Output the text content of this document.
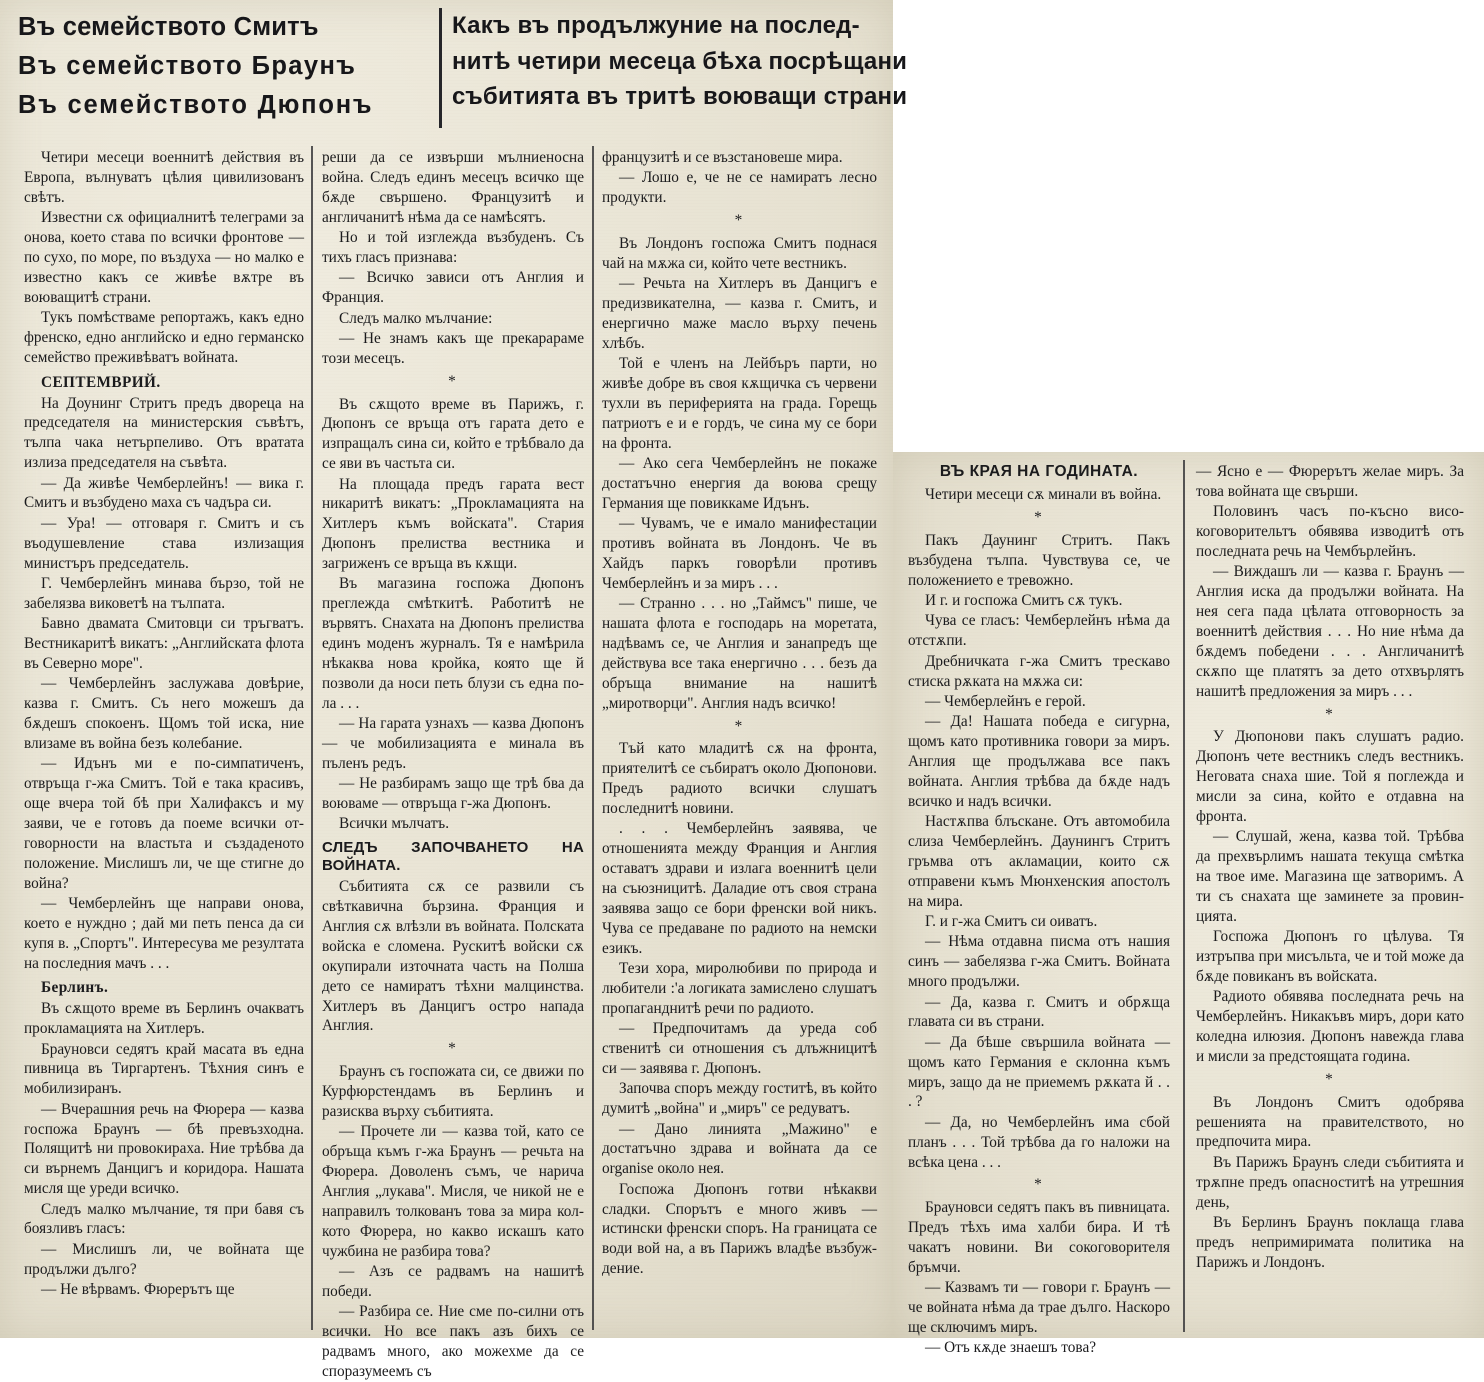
Въ семейството Смитъ
Въ семейството Браунъ
Въ семейството Дюпонъ
Какъ въ продължуние на послед-
нитѣ четири месеца бѣха посрѣщани
събитията въ тритѣ воюващи страни

Четири месеци военнитѣ действия въ Европа, вълнуватъ цѣлия цивилизованъ свѣтъ.

Известни сѫ официалнитѣ телеграми за онова, което става по всички фронтове — по сухо, по море, по въздуха — но малко е известно какъ се живѣе вѫтре въ воюващитѣ страни.

Тукъ помѣстваме репортажъ, какъ едно френско, едно английско и едно германско семейство преживѣватъ войната.

СЕПТЕМВРИЙ.

На Доунинг Стритъ предъ двореца на председателя на министерския съвѣтъ, тълпа чака нетърпеливо. Отъ вратата излиза председателя на съвѣта.

— Да живѣе Чемберлейнъ! — вика г. Смитъ и възбудено маха съ чадъра си.

— Ура! — отговаря г. Смитъ и съ въодушевление става излизащия министъръ председатель.

Г. Чемберлейнъ минава бързо, той не забелязва виковетѣ на тълпата.

Бавно двамата Смитовци си тръгватъ. Вестникаритѣ викатъ: „Английската флота въ Северно море".

— Чемберлейнъ заслужава довѣрие, казва г. Смитъ. Съ него можешъ да бѫдешъ спокоенъ. Щомъ той иска, ние влизаме въ война безъ колебание.

— Идънъ ми е по-симпатиченъ, отвръща г-жа Смитъ. Той е така красивъ, още вчера той бѣ при Халифаксъ и му заяви, че е готовъ да поеме всички отговорности на властьта и създаденото положение. Мислишъ ли, че ще стигне до война?

— Чемберлейнъ ще направи онова, което е нуждно ; дай ми петь пенса да си купя в. „Спортъ". Интересува ме резултата на последния мачъ . . .

Берлинъ.

Въ сѫщото време въ Берлинъ очакватъ прокламацията на Хитлеръ.

Брауновси седятъ край масата въ една пивница въ Тиргартенъ. Тѣхния синъ е мобилизиранъ.

— Вчерашния речь на Фюрера — казва госпожа Браунъ — бѣ превъзходна. Полящитѣ ни провокираха. Ние трѣбва да си върнемъ Данцигъ и коридора. Нашата мисля ще уреди всичко.

Следъ малко мълчание, тя при бавя съ боязливъ гласъ:

— Мислишъ ли, че войната ще продължи дълго?

— Не вѣрвамъ. Фюрерътъ ще

реши да се извърши мълниеносна война. Следъ единъ месецъ всичко ще бѫде свършено. Французитѣ и англичанитѣ нѣма да се намѣсятъ.

Но и той изглежда възбуденъ. Съ тихъ гласъ признава:

— Всичко зависи отъ Англия и Франция.

Следъ малко мълчание:

— Не знамъ какъ ще прекарараме този месецъ.

*

Въ сѫщото време въ Парижъ, г. Дюпонъ се връща отъ гарата дето е изпращалъ сина си, който е трѣбвало да се яви въ частьта си.

На площада предъ гарата вест никаритѣ викатъ: „Прокламацията на Хитлеръ къмъ войската". Стария Дюпонъ прелиства вестника и загриженъ се връща въ кѫщи.

Въ магазина госпожа Дюпонъ преглежда смѣткитѣ. Работитѣ не вървятъ. Снахата на Дюпонъ прелиства единъ моденъ журналъ. Тя е намѣрила нѣкаква нова кройка, която ще й позволи да носи петь блузи съ една пола . . .

— На гарата узнахъ — казва Дюпонъ — че мобилизацията е минала въ пъленъ редъ.

— Не разбирамъ защо ще трѣ бва да воюваме — отвръща г-жа Дюпонъ.

Всички мълчатъ.

СЛЕДЪ ЗАПОЧВАНЕТО НА ВОЙНАТА.

Събитията сѫ се развили съ свѣткавична бързина. Франция и Англия сѫ влѣзли въ войната. Полската войска е сломена. Рускитѣ войски сѫ окупирали източната часть на Полша дето се намиратъ тѣхни малцинства. Хитлеръ въ Данцигъ остро напада Англия.

*

Браунъ съ госпожата си, се движи по Курфюрстендамъ въ Берлинъ и разисква върху събитията.

— Прочете ли — казва той, като се обръща къмъ г-жа Браунъ — речьта на Фюрера. Доволенъ съмъ, че нарича Англия „лукава". Мисля, че никой не е направилъ толкованъ това за мира колкото Фюрера, но какво искашъ като чужбина не разбира това?

— Азъ се радвамъ на нашитѣ победи.

— Разбира се. Ние сме по-силни отъ всички. Но все пакъ азъ бихъ се радвамъ много, ако можехме да се споразумеемъ съ

французитѣ и се възстановеше мира.

— Лошо е, че не се намиратъ лесно продукти.

*

Въ Лондонъ госпожа Смитъ поднася чай на мѫжа си, който чете вестникъ.

— Речьта на Хитлеръ въ Данцигъ е предизвикателна, — казва г. Смитъ, и енергично маже масло върху печень хлѣбъ.

Той е членъ на Лейбъръ парти, но живѣе добре въ своя кѫщичка съ червени тухли въ периферията на града. Горещь патриотъ е и е гордъ, че сина му се бори на фронта.

— Ако сега Чемберлейнъ не покаже достатъчно енергия да воюва срещу Германия ще повиккаме Идънъ.

— Чувамъ, че е имало манифестации противъ войната въ Лондонъ. Че въ Хайдъ паркъ говорѣли противъ Чемберлейнъ и за миръ . . .

— Странно . . . но „Таймсъ" пише, че нашата флота е господарь на моретата, надѣвамъ се, че Англия и занапредъ ще действува все така енергично . . . безъ да обръща внимание на нашитѣ „миротворци". Англия надъ всичко!

*

Тъй като младитѣ сѫ на фронта, приятелитѣ се събиратъ около Дюпонови. Предъ радиото всички слушатъ последнитѣ новини.

. . . Чемберлейнъ заявява, че отношенията между Франция и Англия оставатъ здрави и излага военнитѣ цели на съюзницитѣ. Даладие отъ своя страна заявява защо се бори френски вой никъ. Чува се предаване по радиото на немски езикъ.

Тези хора, миролюбиви по природа и любители :'а логиката замислено слушатъ пропаганднитѣ речи по радиото.

— Предпочитамъ да уреда соб ственитѣ си отношения съ длъжницитѣ си — заявява г. Дюпонъ.

Започва споръ между гоститѣ, въ който думитѣ „война" и „миръ" се редуватъ.

— Дано линията „Мажино" е достатъчно здрава и войната да се organise около нея.

Госпожа Дюпонъ готви нѣкакви сладки. Спорътъ е много живъ — истински френски споръ. На границата се води вой на, а въ Парижъ владѣе възбуждение.

ВЪ КРАЯ НА ГОДИНАТА.

Четири месеци сѫ минали въ война.

*

Пакъ Даунинг Стритъ. Пакъ възбудена тълпа. Чувствува се, че положението е тревожно.

И г. и госпожа Смитъ сѫ тукъ.

Чува се гласъ: Чемберлейнъ нѣма да отстѫпи.

Дребничката г-жа Смитъ трескаво стиска рѫката на мѫжа си:

— Чемберлейнъ е герой.

— Да! Нашата победа е сигурна, щомъ като противника говори за миръ. Англия ще продължава все пакъ войната. Англия трѣбва да бѫде надъ всичко и надъ всички.

Настѫпва блъскане. Отъ автомобила слиза Чемберлейнъ. Даунингъ Стритъ гръмва отъ аклaмации, които сѫ отправени къмъ Мюнхенския апостолъ на мира.

Г. и г-жа Смитъ си оиватъ.

— Нѣма отдавна писма отъ нашия синъ — забелязва г-жа Смитъ. Войната много продължи.

— Да, казва г. Смитъ и обрѫща главата си въ страни.

— Да бѣше свършила войната — щомъ като Германия е склонна къмъ миръ, защо да не приемемъ рѫката й . . . ?

— Да, но Чемберлейнъ има сбой планъ . . . Той трѣбва да го наложи на всѣка цена . . .

*

Брауновси седятъ пакъ въ пивницата. Предъ тѣхъ има халби бира. И тѣ чакатъ новини. Ви сокоговорителя бръмчи.

— Казвамъ ти — говори г. Браунъ — че войната нѣма да трае дълго. Наскоро ще сключимъ миръ.

— Отъ кѫде знаешъ това?

— Ясно е — Фюрерътъ желае миръ. За това войната ще свърши.

Половинъ часъ по-късно високоговорительтъ обявява изводитѣ отъ последната речь на Чембърлейнъ.

— Виждашъ ли — казва г. Браунъ — Англия иска да продължи войната. На нея сега пада цѣлата отговорность за военнитѣ действия . . . Но ние нѣма да бѫдемъ победени . . . Англичанитѣ скѫпо ще платятъ за дето отхвърлятъ нашитѣ предложения за миръ . . .

*

У Дюпонови пакъ слушатъ радио. Дюпонъ чете вестникъ следъ вестникъ. Неговата снаха шие. Той я поглежда и мисли за сина, който е отдавна на фронта.

— Слушай, жена, казва той. Трѣбва да прехвърлимъ нашата текуща смѣтка на твое име. Магазина ще затворимъ. А ти съ снахата ще заминете за провинцията.

Госпожа Дюпонъ го цѣлува. Тя изтръпва при мисъльта, че и той може да бѫде повиканъ въ войската.

Радиото обявява последната речь на Чемберлейнъ. Никакъвъ миръ, дори като коледна илюзия. Дюпонъ навежда глава и мисли за предстоящата година.

*

Въ Лондонъ Смитъ одобрява решенията на правителството, но предпочита мира.

Въ Парижъ Браунъ следи събитията и трѫпне предъ опасноститѣ на утрешния день,

Въ Берлинъ Браунъ поклаща глава предъ непримиримата политика на Парижъ и Лондонъ.
